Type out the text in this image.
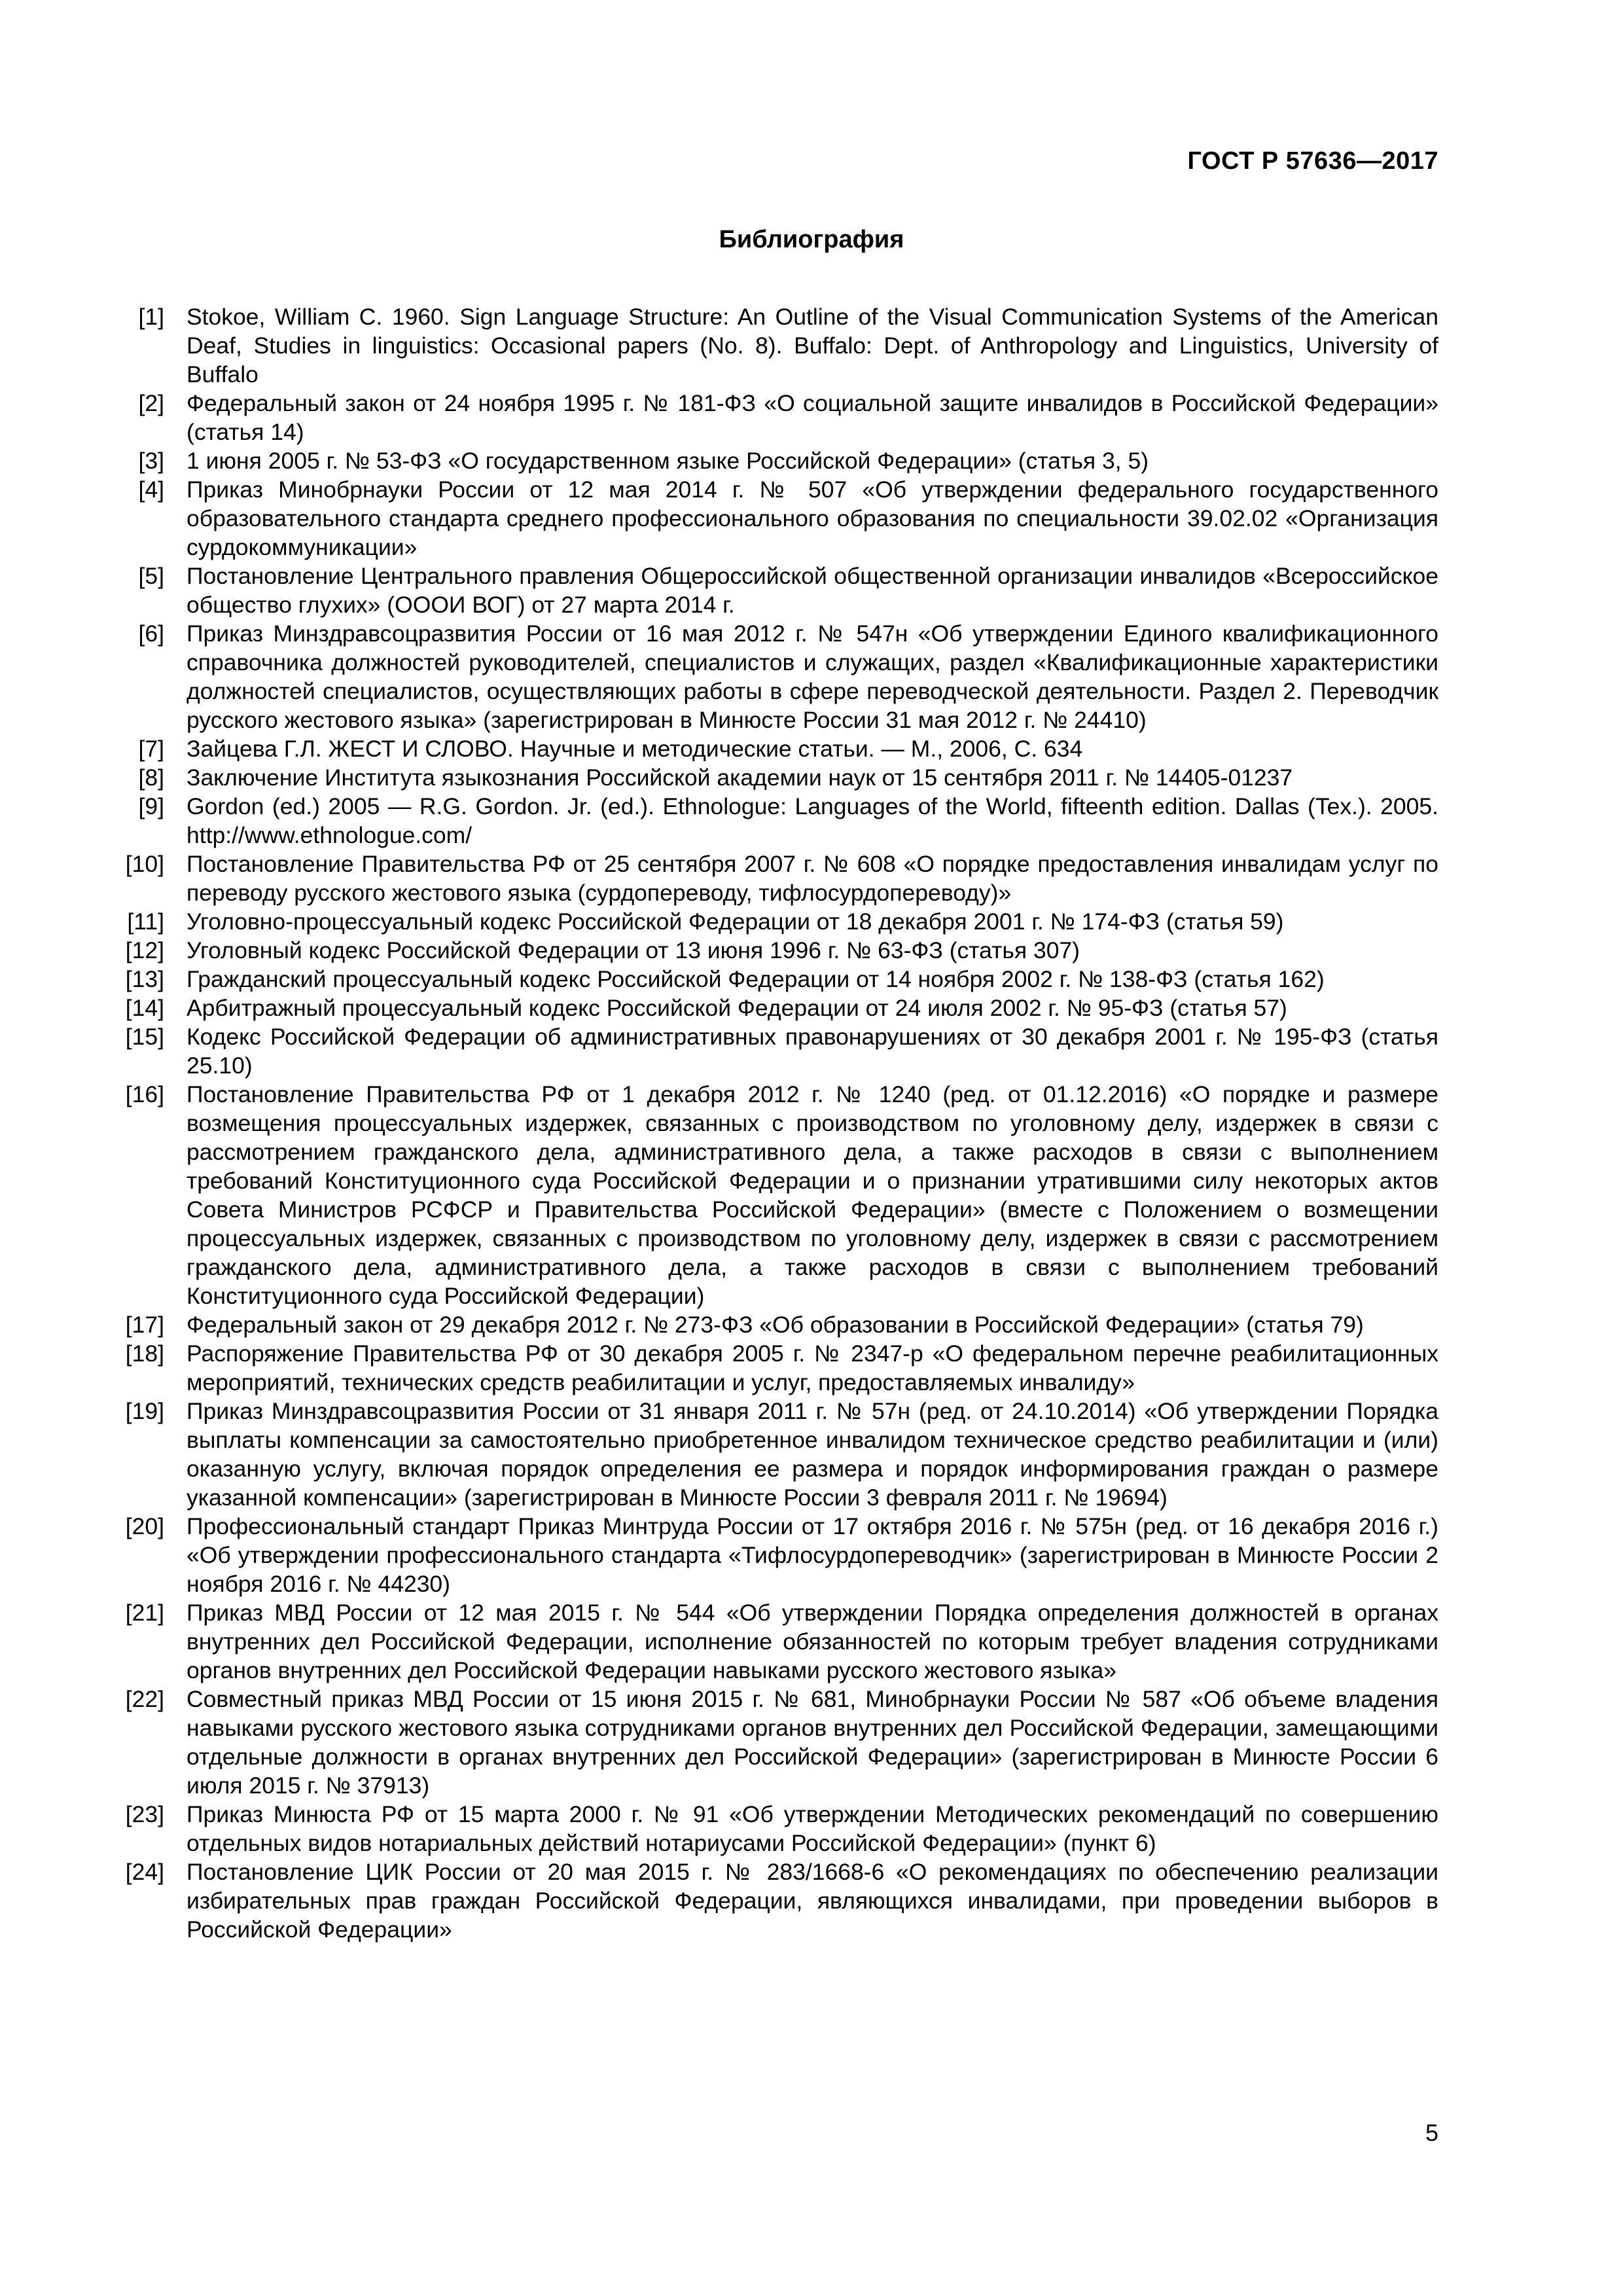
ГОСТ Р 57636—2017
Библиография
[1] Stokoe, William C. 1960. Sign Language Structure: An Outline of the Visual Communication Systems of the American Deaf, Studies in linguistics: Occasional papers (No. 8). Buffalo: Dept. of Anthropology and Linguistics, University of Buffalo
[2] Федеральный закон от 24 ноября 1995 г. № 181-ФЗ «О социальной защите инвалидов в Российской Федерации» (статья 14)
[3] 1 июня 2005 г. № 53-ФЗ «О государственном языке Российской Федерации» (статья 3, 5)
[4] Приказ Минобрнауки России от 12 мая 2014 г. № 507 «Об утверждении федерального государственного образовательного стандарта среднего профессионального образования по специальности 39.02.02 «Организация сурдокоммуникации»
[5] Постановление Центрального правления Общероссийской общественной организации инвалидов «Всероссийское общество глухих» (ОООИ ВОГ) от 27 марта 2014 г.
[6] Приказ Минздравсоцразвития России от 16 мая 2012 г. № 547н «Об утверждении Единого квалификационного справочника должностей руководителей, специалистов и служащих, раздел «Квалификационные характеристики должностей специалистов, осуществляющих работы в сфере переводческой деятельности. Раздел 2. Переводчик русского жестового языка» (зарегистрирован в Минюсте России 31 мая 2012 г. № 24410)
[7] Зайцева Г.Л. ЖЕСТ И СЛОВО. Научные и методические статьи. — М., 2006, С. 634
[8] Заключение Института языкознания Российской академии наук от 15 сентября 2011 г. № 14405-01237
[9] Gordon (ed.) 2005 — R.G. Gordon. Jr. (ed.). Ethnologue: Languages of the World, fifteenth edition. Dallas (Tex.). 2005. http://www.ethnologue.com/
[10] Постановление Правительства РФ от 25 сентября 2007 г. № 608 «О порядке предоставления инвалидам услуг по переводу русского жестового языка (сурдопереводу, тифлосурдопереводу)»
[11] Уголовно-процессуальный кодекс Российской Федерации от 18 декабря 2001 г. № 174-ФЗ (статья 59)
[12] Уголовный кодекс Российской Федерации от 13 июня 1996 г. № 63-ФЗ (статья 307)
[13] Гражданский процессуальный кодекс Российской Федерации от 14 ноября 2002 г. № 138-ФЗ (статья 162)
[14] Арбитражный процессуальный кодекс Российской Федерации от 24 июля 2002 г. № 95-ФЗ (статья 57)
[15] Кодекс Российской Федерации об административных правонарушениях от 30 декабря 2001 г. № 195-ФЗ (статья 25.10)
[16] Постановление Правительства РФ от 1 декабря 2012 г. № 1240 (ред. от 01.12.2016) «О порядке и размере возмещения процессуальных издержек, связанных с производством по уголовному делу, издержек в связи с рассмотрением гражданского дела, административного дела, а также расходов в связи с выполнением требований Конституционного суда Российской Федерации и о признании утратившими силу некоторых актов Совета Министров РСФСР и Правительства Российской Федерации» (вместе с Положением о возмещении процессуальных издержек, связанных с производством по уголовному делу, издержек в связи с рассмотрением гражданского дела, административного дела, а также расходов в связи с выполнением требований Конституционного суда Российской Федерации)
[17] Федеральный закон от 29 декабря 2012 г. № 273-ФЗ «Об образовании в Российской Федерации» (статья 79)
[18] Распоряжение Правительства РФ от 30 декабря 2005 г. № 2347-р «О федеральном перечне реабилитационных мероприятий, технических средств реабилитации и услуг, предоставляемых инвалиду»
[19] Приказ Минздравсоцразвития России от 31 января 2011 г. № 57н (ред. от 24.10.2014) «Об утверждении Порядка выплаты компенсации за самостоятельно приобретенное инвалидом техническое средство реабилитации и (или) оказанную услугу, включая порядок определения ее размера и порядок информирования граждан о размере указанной компенсации» (зарегистрирован в Минюсте России 3 февраля 2011 г. № 19694)
[20] Профессиональный стандарт Приказ Минтруда России от 17 октября 2016 г. № 575н (ред. от 16 декабря 2016 г.) «Об утверждении профессионального стандарта «Тифлосурдопереводчик» (зарегистрирован в Минюсте России 2 ноября 2016 г. № 44230)
[21] Приказ МВД России от 12 мая 2015 г. № 544 «Об утверждении Порядка определения должностей в органах внутренних дел Российской Федерации, исполнение обязанностей по которым требует владения сотрудниками органов внутренних дел Российской Федерации навыками русского жестового языка»
[22] Совместный приказ МВД России от 15 июня 2015 г. № 681, Минобрнауки России № 587 «Об объеме владения навыками русского жестового языка сотрудниками органов внутренних дел Российской Федерации, замещающими отдельные должности в органах внутренних дел Российской Федерации» (зарегистрирован в Минюсте России 6 июля 2015 г. № 37913)
[23] Приказ Минюста РФ от 15 марта 2000 г. № 91 «Об утверждении Методических рекомендаций по совершению отдельных видов нотариальных действий нотариусами Российской Федерации» (пункт 6)
[24] Постановление ЦИК России от 20 мая 2015 г. № 283/1668-6 «О рекомендациях по обеспечению реализации избирательных прав граждан Российской Федерации, являющихся инвалидами, при проведении выборов в Российской Федерации»
5
